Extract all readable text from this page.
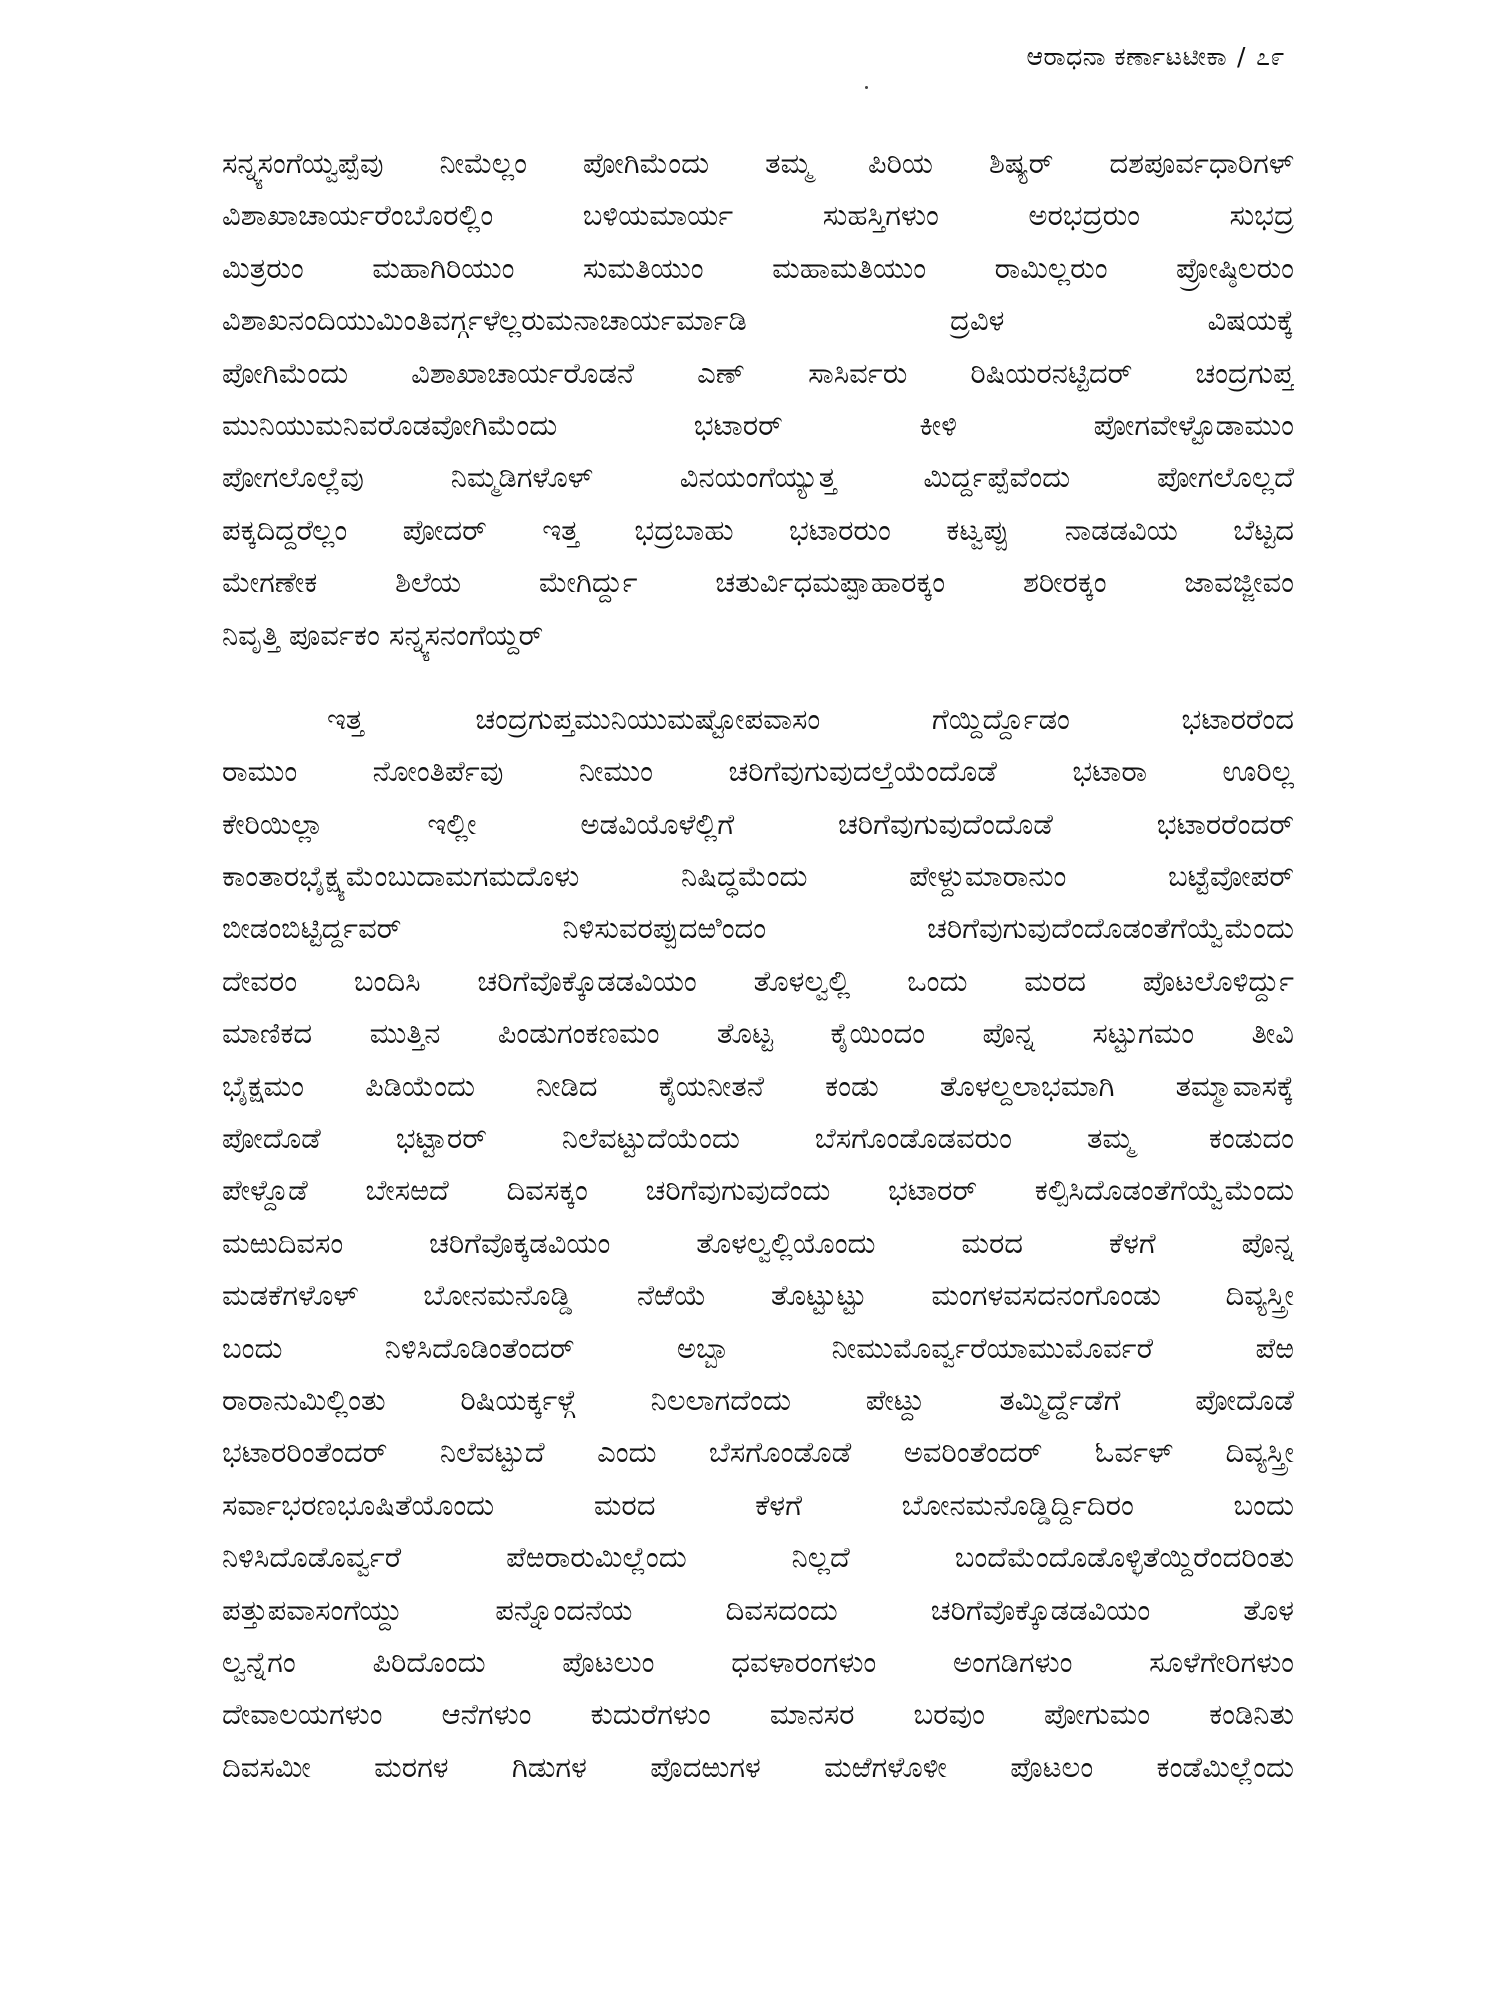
ಆರಾಧನಾ ಕರ್ಣಾಟಟೀಕಾ / ೭೯
ಸನ್ನ್ಯಸಂಗೆಯ್ವಪ್ಪೆವು ನೀಮೆಲ್ಲಂ ಪೋಗಿಮೆಂದು ತಮ್ಮ ಪಿರಿಯ ಶಿಷ್ಯರ್ ದಶಪೂರ್ವಧಾರಿಗಳ್
ವಿಶಾಖಾಚಾರ್ಯರೆಂಬೊರಲ್ಲಿಂ ಬಳಿಯಮಾರ್ಯ ಸುಹಸ್ತಿಗಳುಂ ಅರಭದ್ರರುಂ ಸುಭದ್ರ
ಮಿತ್ರರುಂ ಮಹಾಗಿರಿಯುಂ ಸುಮತಿಯುಂ ಮಹಾಮತಿಯುಂ ರಾಮಿಲ್ಲರುಂ ಪ್ರೋಷ್ಠಿಲರುಂ
ವಿಶಾಖನಂದಿಯುಮಿಂತಿವರ್ಗ್ಗಳೆಲ್ಲರುಮನಾಚಾರ್ಯರ್ಮಾಡಿ ದ್ರವಿಳ ವಿಷಯಕ್ಕೆ
ಪೋಗಿಮೆಂದು ವಿಶಾಖಾಚಾರ್ಯರೊಡನೆ ಎಣ್ ಸಾಸಿರ್ವರು ರಿಷಿಯರನಟ್ಟಿದರ್ ಚಂದ್ರಗುಪ್ತ
ಮುನಿಯುಮನಿವರೊಡವೋಗಿಮೆಂದು ಭಟಾರರ್ ಕೀಳಿ ಪೋಗವೇಳ್ಟೊಡಾಮುಂ
ಪೋಗಲೊಲ್ಲೆವು ನಿಮ್ಮಡಿಗಳೊಳ್ ವಿನಯಂಗೆಯ್ಯುತ್ತ ಮಿರ್ದ್ದಪ್ಪೆವೆಂದು ಪೋಗಲೊಲ್ಲದೆ
ಪಕ್ಕದಿದ್ದರೆಲ್ಲಂ ಪೋದರ್ ಇತ್ತ ಭದ್ರಬಾಹು ಭಟಾರರುಂ ಕಟ್ವಪ್ಪು ನಾಡಡವಿಯ ಬೆಟ್ಟದ
ಮೇಗಣೇಕ ಶಿಲೆಯ ಮೇಗಿರ್ದ್ದು ಚತುರ್ವಿಧಮಪ್ಪಾಹಾರಕ್ಕಂ ಶರೀರಕ್ಕಂ ಜಾವಜ್ಜೀವಂ
ನಿವೃತ್ತಿ ಪೂರ್ವಕಂ ಸನ್ನ್ಯಸನಂಗೆಯ್ದರ್
ಇತ್ತ ಚಂದ್ರಗುಪ್ತಮುನಿಯುಮಷ್ಟೋಪವಾಸಂ ಗೆಯ್ದಿರ್ದ್ದೊಡಂ ಭಟಾರರೆಂದ
ರಾಮುಂ ನೋಂತಿರ್ಪೆವು ನೀಮುಂ ಚರಿಗೆವುಗುವುದಲ್ತೆಯೆಂದೊಡೆ ಭಟಾರಾ ಊರಿಲ್ಲ
ಕೇರಿಯಿಲ್ಲಾ ಇಲ್ಲೀ ಅಡವಿಯೊಳೆಲ್ಲಿಗೆ ಚರಿಗೆವುಗುವುದೆಂದೊಡೆ ಭಟಾರರೆಂದರ್
ಕಾಂತಾರಭೈಕ್ಷ್ಯಮೆಂಬುದಾಮಗಮದೊಳು ನಿಷಿದ್ಧಮೆಂದು ಪೇಳ್ದುಮಾರಾನುಂ ಬಟ್ಟೆವೋಪರ್
ಬೀಡಂಬಿಟ್ಟಿರ್ದ್ದವರ್ ನಿಳಿಸುವರಪ್ಪುದಱಿಂದಂ ಚರಿಗೆವುಗುವುದೆಂದೊಡಂತೆಗೆಯ್ವೆಮೆಂದು
ದೇವರಂ ಬಂದಿಸಿ ಚರಿಗೆವೊಕ್ಕೊಡಡವಿಯಂ ತೊಳಲ್ವಲ್ಲಿ ಒಂದು ಮರದ ಪೊಟಲೊಳಿರ್ದ್ದು
ಮಾಣಿಕದ ಮುತ್ತಿನ ಪಿಂಡುಗಂಕಣಮಂ ತೊಟ್ಟ ಕೈಯಿಂದಂ ಪೊನ್ನ ಸಟ್ಟುಗಮಂ ತೀವಿ
ಭೈಕ್ಷಮಂ ಪಿಡಿಯೆಂದು ನೀಡಿದ ಕೈಯನೀತನೆ ಕಂಡು ತೊಳಲ್ದಲಾಭಮಾಗಿ ತಮ್ಮಾವಾಸಕ್ಕೆ
ಪೋದೊಡೆ ಭಟ್ಟಾರರ್ ನಿಲೆವಟ್ಟುದೆಯೆಂದು ಬೆಸಗೊಂಡೊಡವರುಂ ತಮ್ಮ ಕಂಡುದಂ
ಪೇಳ್ದೊಡೆ ಬೇಸಱದೆ ದಿವಸಕ್ಕಂ ಚರಿಗೆವುಗುವುದೆಂದು ಭಟಾರರ್ ಕಲ್ಪಿಸಿದೊಡಂತೆಗೆಯ್ವೆಮೆಂದು
ಮಱುದಿವಸಂ ಚರಿಗೆವೊಕ್ಕಡವಿಯಂ ತೊಳಲ್ವಲ್ಲಿಯೊಂದು ಮರದ ಕೆಳಗೆ ಪೊನ್ನ
ಮಡಕೆಗಳೊಳ್ ಬೋನಮನೊಡ್ಡಿ ನೆಱೆಯೆ ತೊಟ್ಟುಟ್ಟು ಮಂಗಳವಸದನಂಗೊಂಡು ದಿವ್ಯಸ್ತ್ರೀ
ಬಂದು ನಿಳಿಸಿದೊಡಿಂತೆಂದರ್ ಅಬ್ಬಾ ನೀಮುಮೊರ್ವ್ವರೆಯಾಮುಮೊರ್ವರೆ ಪೆಱ
ರಾರಾನುಮಿಲ್ಲಿಂತು ರಿಷಿಯರ್ಕ್ಕಳ್ಗೆ ನಿಲಲಾಗದೆಂದು ಪೇಟ್ದು ತಮ್ಮಿರ್ದ್ದೆಡೆಗೆ ಪೋದೊಡೆ
ಭಟಾರರಿಂತೆಂದರ್ ನಿಲೆವಟ್ಟುದೆ ಎಂದು ಬೆಸಗೊಂಡೊಡೆ ಅವರಿಂತೆಂದರ್ ಓರ್ವಳ್ ದಿವ್ಯಸ್ತ್ರೀ
ಸರ್ವಾಭರಣಭೂಷಿತೆಯೊಂದು ಮರದ ಕೆಳಗೆ ಬೋನಮನೊಡ್ಡಿರ್ದ್ದಿದಿರಂ ಬಂದು
ನಿಳಿಸಿದೊಡೊರ್ವ್ವರೆ ಪೆಱರಾರುಮಿಲ್ಲೆಂದು ನಿಲ್ಲದೆ ಬಂದೆಮೆಂದೊಡೊಳ್ಳಿತೆಯ್ದಿರೆಂದರಿಂತು
ಪತ್ತುಪವಾಸಂಗೆಯ್ದು ಪನ್ನೊಂದನೆಯ ದಿವಸದಂದು ಚರಿಗೆವೊಕ್ಕೊಡಡವಿಯಂ ತೊಳ
ಲ್ವನ್ನೆಗಂ ಪಿರಿದೊಂದು ಪೊಟಲುಂ ಧವಳಾರಂಗಳುಂ ಅಂಗಡಿಗಳುಂ ಸೂಳೆಗೇರಿಗಳುಂ
ದೇವಾಲಯಗಳುಂ ಆನೆಗಳುಂ ಕುದುರೆಗಳುಂ ಮಾನಸರ ಬರವುಂ ಪೋಗುಮಂ ಕಂಡಿನಿತು
ದಿವಸಮೀ ಮರಗಳ ಗಿಡುಗಳ ಪೊದಱುಗಳ ಮಱೆಗಳೊಳೀ ಪೊಟಲಂ ಕಂಡೆಮಿಲ್ಲೆಂದು
